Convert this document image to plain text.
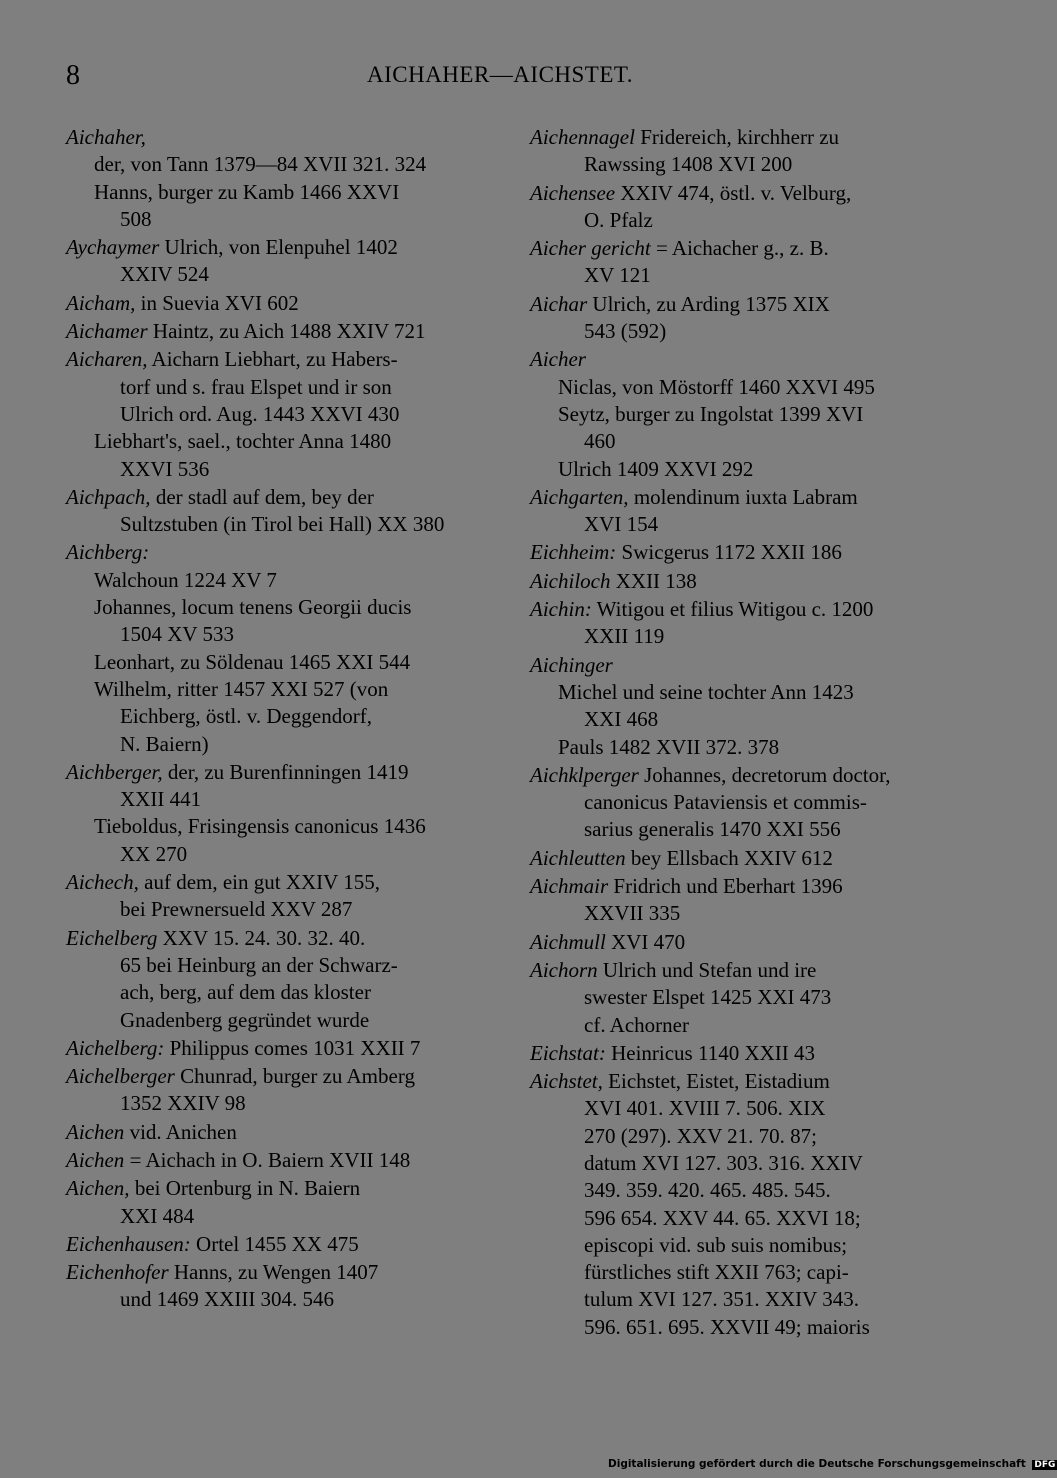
8	AICHAHER—AICHSTET.
Aichaher,
der, von Tann 1379—84 XVII 321. 324
Hanns, burger zu Kamb 1466 XXVI
508
Aychaymer Ulrich, von Elenpuhel 1402
XXIV 524
Aicham, in Suevia XVI 602
Aichamer Haintz, zu Aich 1488 XXIV 721
Aicharen, Aicharn Liebhart, zu Habers-
torf und s. frau Elspet und ir son
Ulrich ord. Aug. 1443 XXVI 430
Liebhart's, sael., tochter Anna 1480
XXVI 536
Aichpach, der stadl auf dem, bey der
Sultzstuben (in Tirol bei Hall) XX 380
Aichberg:
Walchoun 1224 XV 7
Johannes, locum tenens Georgii ducis
1504 XV 533
Leonhart, zu Söldenau 1465 XXI 544
Wilhelm, ritter 1457 XXI 527 (von
Eichberg, östl. v. Deggendorf,
N. Baiern)
Aichberger, der, zu Burenfinningen 1419
XXII 441
Tieboldus, Frisingensis canonicus 1436
XX 270
Aichech, auf dem, ein gut XXIV 155,
bei Prewnersueld XXV 287
Eichelberg XXV 15. 24. 30. 32. 40.
65 bei Heinburg an der Schwarz-
ach, berg, auf dem das kloster
Gnadenberg gegründet wurde
Aichelberg: Philippus comes 1031 XXII 7
Aichelberger Chunrad, burger zu Amberg
1352 XXIV 98
Aichen vid. Anichen
Aichen = Aichach in O. Baiern XVII 148
Aichen, bei Ortenburg in N. Baiern
XXI 484
Eichenhausen: Ortel 1455 XX 475
Eichenhofer Hanns, zu Wengen 1407
und 1469 XXIII 304. 546
Aichennagel Fridereich, kirchherr zu
Rawssing 1408 XVI 200
Aichensee XXIV 474, östl. v. Velburg,
O. Pfalz
Aicher gericht = Aichacher g., z. B.
XV 121
Aichar Ulrich, zu Arding 1375 XIX
543 (592)
Aicher
Niclas, von Möstorff 1460 XXVI 495
Seytz, burger zu Ingolstat 1399 XVI
460
Ulrich 1409 XXVI 292
Aichgarten, molendinum iuxta Labram
XVI 154
Eichheim: Swicgerus 1172 XXII 186
Aichiloch XXII 138
Aichin: Witigou et filius Witigou c. 1200
XXII 119
Aichinger
Michel und seine tochter Ann 1423
XXI 468
Pauls 1482 XVII 372. 378
Aichklperger Johannes, decretorum doctor,
canonicus Pataviensis et commis-
sarius generalis 1470 XXI 556
Aichleutten bey Ellsbach XXIV 612
Aichmair Fridrich und Eberhart 1396
XXVII 335
Aichmull XVI 470
Aichorn Ulrich und Stefan und ire
swester Elspet 1425 XXI 473
cf. Achorner
Eichstat: Heinricus 1140 XXII 43
Aichstet, Eichstet, Eistet, Eistadium
XVI 401. XVIII 7. 506. XIX
270 (297). XXV 21. 70. 87;
datum XVI 127. 303. 316. XXIV
349. 359. 420. 465. 485. 545.
596 654. XXV 44. 65. XXVI 18;
episcopi vid. sub suis nomibus;
fürstliches stift XXII 763; capi-
tulum XVI 127. 351. XXIV 343.
596. 651. 695. XXVII 49; maioris
Digitalisierung gefördert durch die Deutsche Forschungsgemeinschaft DFG
